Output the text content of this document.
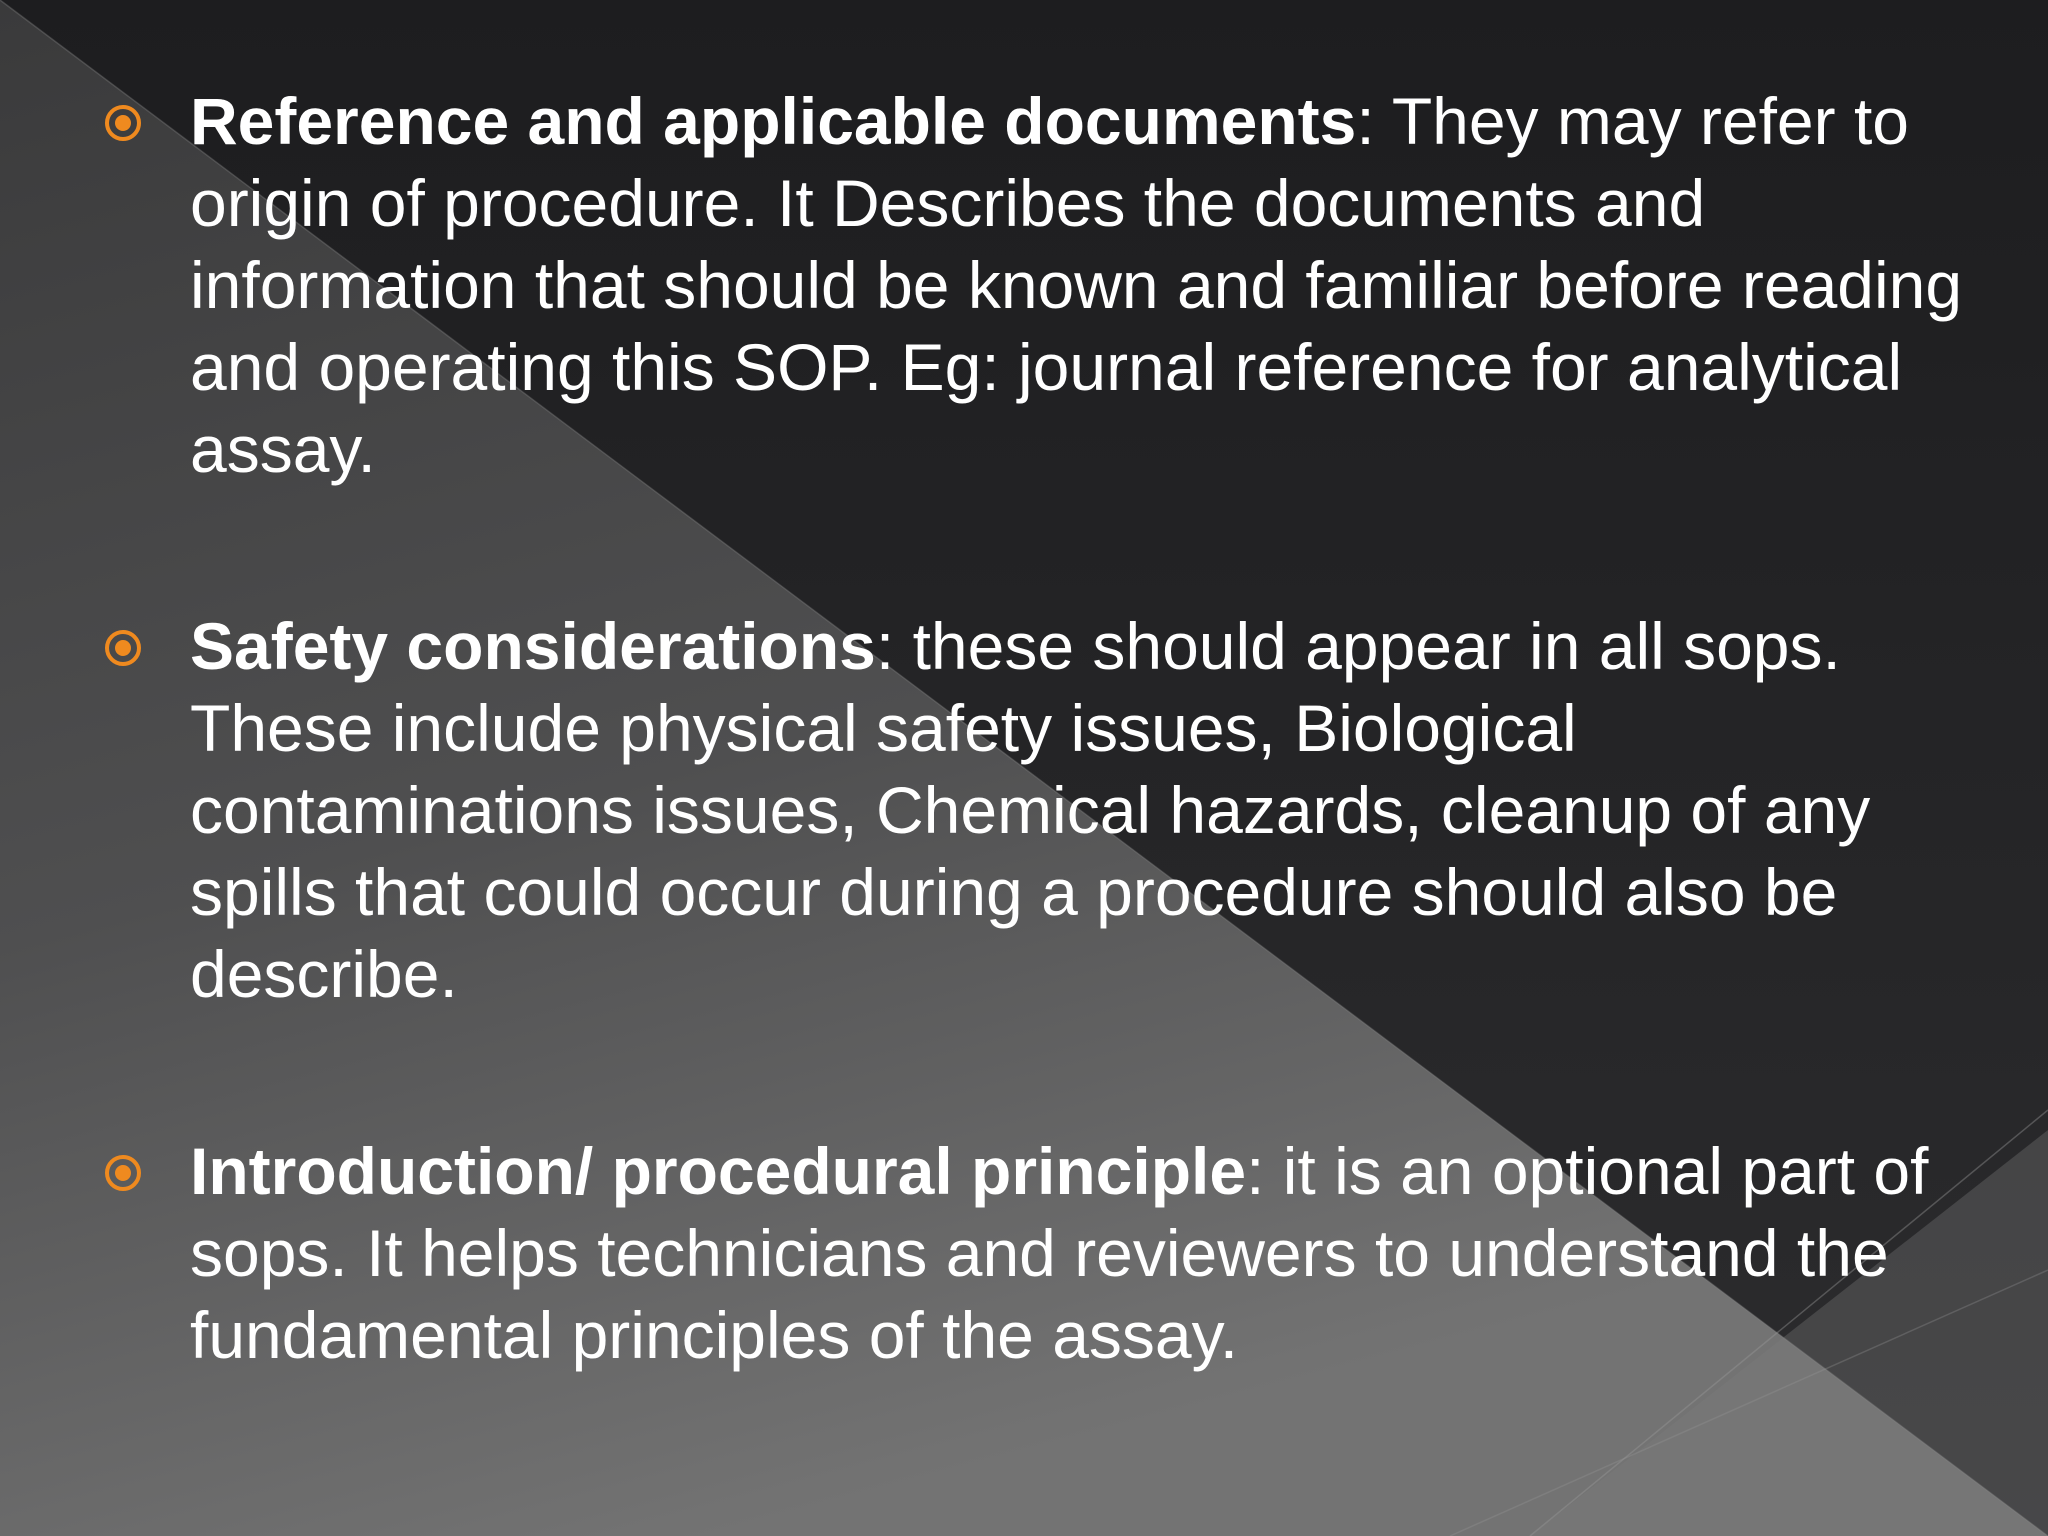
Reference and applicable documents: They may refer to origin of procedure. It Describes the documents and information that should be known and familiar before reading and operating this SOP. Eg: journal reference for analytical assay.

Safety considerations: these should appear in all sops. These include physical safety issues, Biological contaminations issues, Chemical hazards, cleanup of any spills that could occur during a procedure should also be describe.

Introduction/ procedural principle: it is an optional part of sops. It helps technicians and reviewers to understand the fundamental principles of the assay.
